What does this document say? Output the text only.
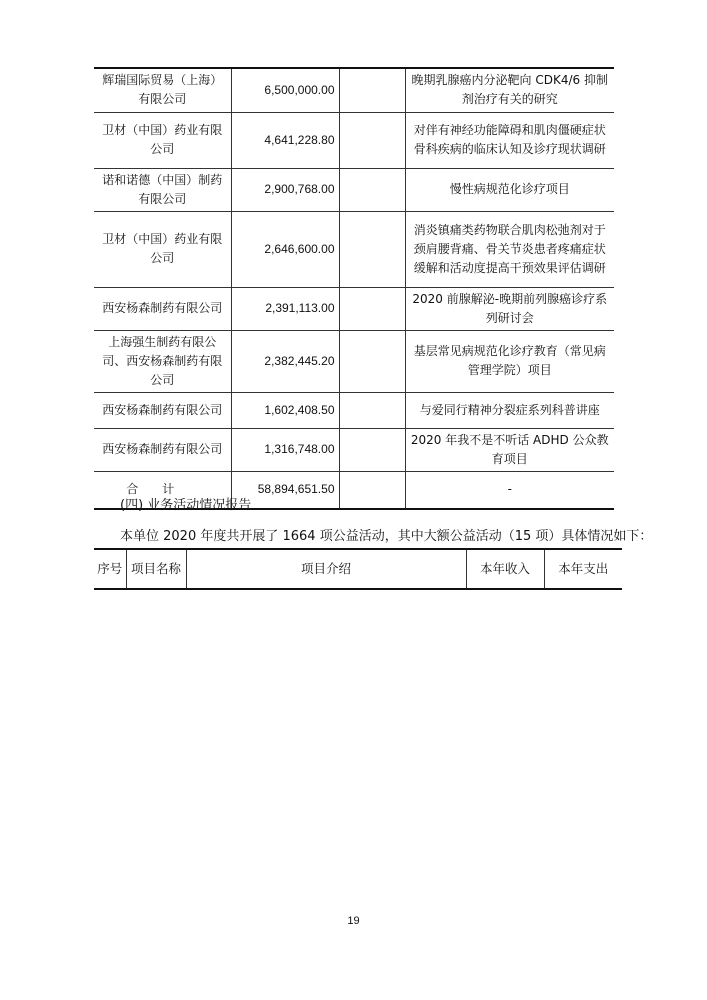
辉瑞国际贸易（上海）有限公司	6,500,000.00		晚期乳腺癌内分泌靶向 CDK4/6 抑制剂治疗有关的研究
卫材（中国）药业有限公司	4,641,228.80		对伴有神经功能障碍和肌肉僵硬症状骨科疾病的临床认知及诊疗现状调研
诺和诺德（中国）制药有限公司	2,900,768.00		慢性病规范化诊疗项目
卫材（中国）药业有限公司	2,646,600.00		消炎镇痛类药物联合肌肉松弛剂对于颈肩腰背痛、骨关节炎患者疼痛症状缓解和活动度提高干预效果评估调研
西安杨森制药有限公司	2,391,113.00		2020 前腺解泌-晚期前列腺癌诊疗系列研讨会
上海强生制药有限公司、西安杨森制药有限公司	2,382,445.20		基层常见病规范化诊疗教育（常见病管理学院）项目
西安杨森制药有限公司	1,602,408.50		与爱同行精神分裂症系列科普讲座
西安杨森制药有限公司	1,316,748.00		2020 年我不是不听话 ADHD 公众教育项目
合计	58,894,651.50		-
(四) 业务活动情况报告
本单位 2020 年度共开展了 1664 项公益活动，其中大额公益活动（15 项）具体情况如下：
序号	项目名称	项目介绍	本年收入	本年支出
19
